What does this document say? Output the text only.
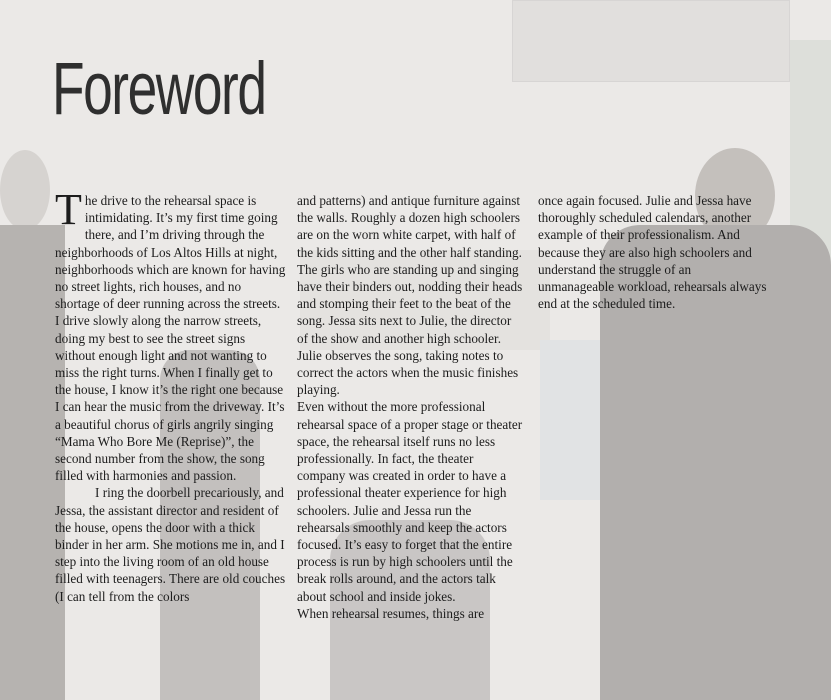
Foreword

The drive to the rehearsal space is intimidating. It’s my first time going there, and I’m driving through the neighborhoods of Los Altos Hills at night, neighborhoods which are known for having no street lights, rich houses, and no shortage of deer running across the streets. I drive slowly along the narrow streets, doing my best to see the street signs without enough light and not wanting to miss the right turns. When I finally get to the house, I know it’s the right one because I can hear the music from the driveway. It’s a beautiful chorus of girls angrily singing “Mama Who Bore Me (Reprise)”, the second number from the show, the song filled with harmonies and passion.

I ring the doorbell precariously, and Jessa, the assistant director and resident of the house, opens the door with a thick binder in her arm. She motions me in, and I step into the living room of an old house filled with teenagers. There are old couches (I can tell from the colors

and patterns) and antique furniture against the walls. Roughly a dozen high schoolers are on the worn white carpet, with half of the kids sitting and the other half standing. The girls who are standing up and singing have their binders out, nodding their heads and stomping their feet to the beat of the song. Jessa sits next to Julie, the director of the show and another high schooler. Julie observes the song, taking notes to correct the actors when the music finishes playing.

Even without the more professional rehearsal space of a proper stage or theater space, the rehearsal itself runs no less professionally. In fact, the theater company was created in order to have a professional theater experience for high schoolers. Julie and Jessa run the rehearsals smoothly and keep the actors focused. It’s easy to forget that the entire process is run by high schoolers until the break rolls around, and the actors talk about school and inside jokes.

When rehearsal resumes, things are

once again focused. Julie and Jessa have thoroughly scheduled calendars, another example of their professionalism. And because they are also high schoolers and understand the struggle of an unmanageable workload, rehearsals always end at the scheduled time.
